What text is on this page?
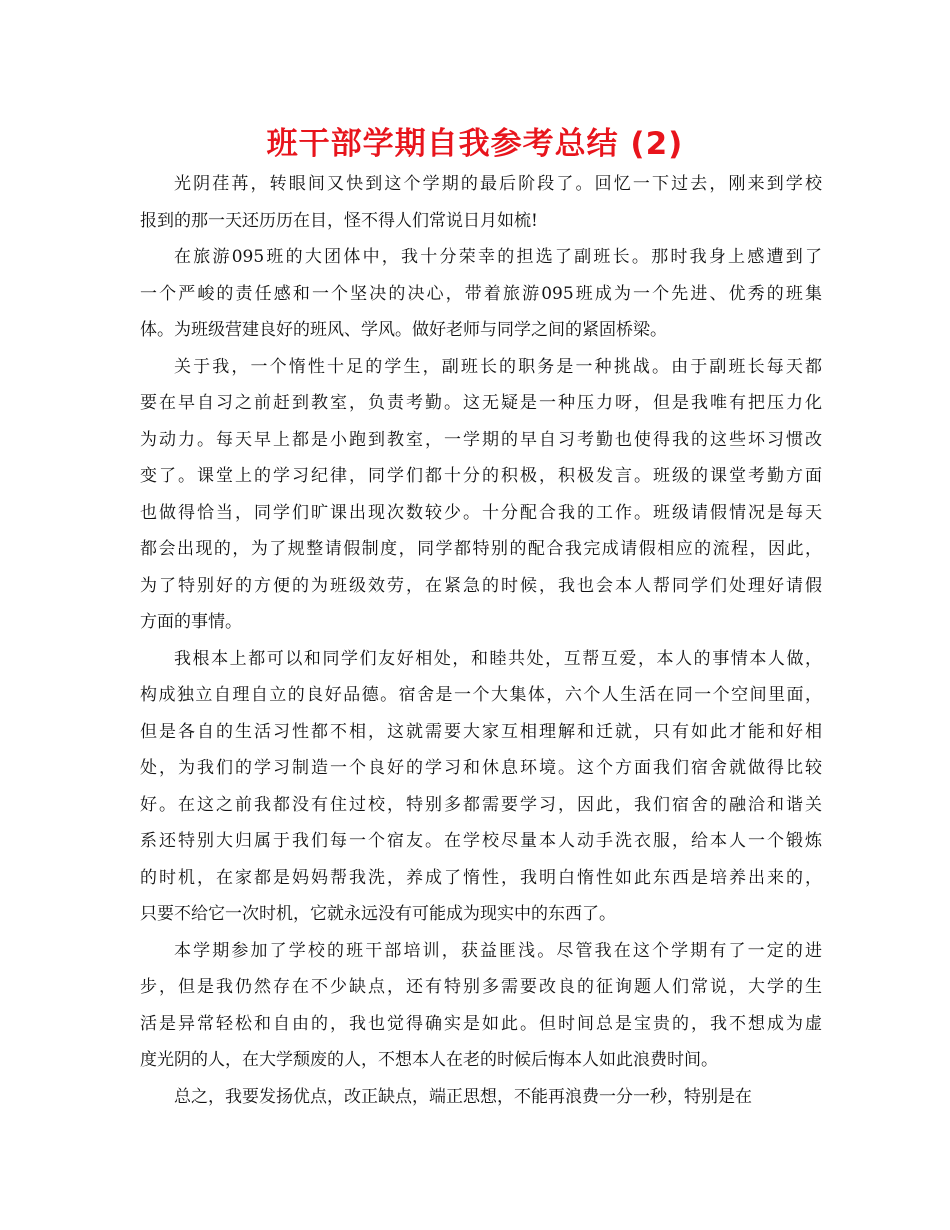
班干部学期自我参考总结 (2)
光阴荏苒，转眼间又快到这个学期的最后阶段了。回忆一下过去，刚来到学校
报到的那一天还历历在目，怪不得人们常说日月如梳!
在旅游095班的大团体中，我十分荣幸的担选了副班长。那时我身上感遭到了
一个严峻的责任感和一个坚决的决心，带着旅游095班成为一个先进、优秀的班集
体。为班级营建良好的班风、学风。做好老师与同学之间的紧固桥梁。
关于我，一个惰性十足的学生，副班长的职务是一种挑战。由于副班长每天都
要在早自习之前赶到教室，负责考勤。这无疑是一种压力呀，但是我唯有把压力化
为动力。每天早上都是小跑到教室，一学期的早自习考勤也使得我的这些坏习惯改
变了。课堂上的学习纪律，同学们都十分的积极，积极发言。班级的课堂考勤方面
也做得恰当，同学们旷课出现次数较少。十分配合我的工作。班级请假情况是每天
都会出现的，为了规整请假制度，同学都特别的配合我完成请假相应的流程，因此，
为了特别好的方便的为班级效劳，在紧急的时候，我也会本人帮同学们处理好请假
方面的事情。
我根本上都可以和同学们友好相处，和睦共处，互帮互爱，本人的事情本人做，
构成独立自理自立的良好品德。宿舍是一个大集体，六个人生活在同一个空间里面，
但是各自的生活习性都不相，这就需要大家互相理解和迁就，只有如此才能和好相
处，为我们的学习制造一个良好的学习和休息环境。这个方面我们宿舍就做得比较
好。在这之前我都没有住过校，特别多都需要学习，因此，我们宿舍的融洽和谐关
系还特别大归属于我们每一个宿友。在学校尽量本人动手洗衣服，给本人一个锻炼
的时机，在家都是妈妈帮我洗，养成了惰性，我明白惰性如此东西是培养出来的，
只要不给它一次时机，它就永远没有可能成为现实中的东西了。
本学期参加了学校的班干部培训，获益匪浅。尽管我在这个学期有了一定的进
步，但是我仍然存在不少缺点，还有特别多需要改良的征询题人们常说，大学的生
活是异常轻松和自由的，我也觉得确实是如此。但时间总是宝贵的，我不想成为虚
度光阴的人，在大学颓废的人，不想本人在老的时候后悔本人如此浪费时间。
总之，我要发扬优点，改正缺点，端正思想，不能再浪费一分一秒，特别是在
